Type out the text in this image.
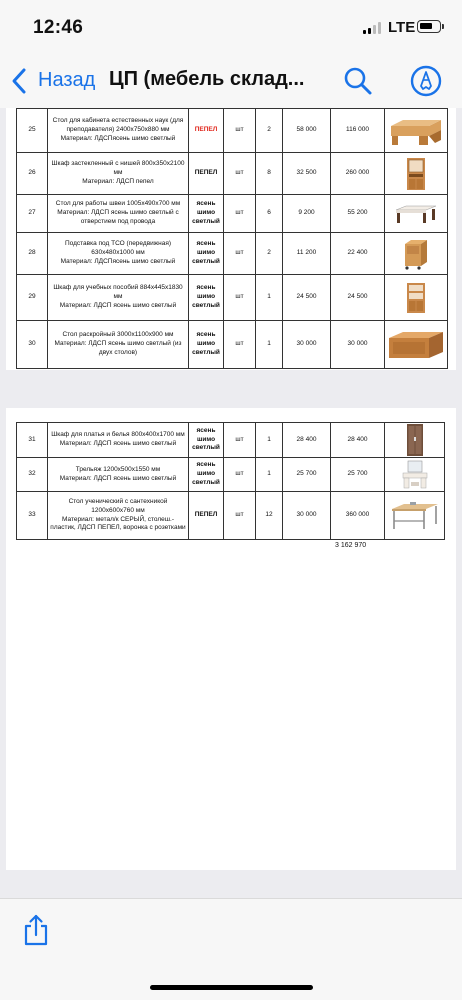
12:46	LTE
Назад ЦП (мебель склад...
25	Стол для кабинета естественных наук (для преподавателя) 2400х750х880 мм
Материал: ЛДСПясень шимо светлый	ПЕПЕЛ	шт	2	58 000	116 000	

26	Шкаф застекленный с нишей 800х350х2100 мм
Материал: ЛДСП пепел	ПЕПЕЛ	шт	8	32 500	260 000	

27	Стол для работы швеи 1005х490х700 мм
Материал: ЛДСП ясень шимо светлый с отверстием под провода	ясень шимо светлый	шт	6	9 200	55 200	

28	Подставка под ТСО (передвижная) 630х480х1000 мм
Материал: ЛДСПясень шимо светлый	ясень шимо светлый	шт	2	11 200	22 400	

29	Шкаф для учебных пособий 884х445х1830 мм
Материал: ЛДСП ясень шимо светлый	ясень шимо светлый	шт	1	24 500	24 500	

30	Стол раскройный 3000х1100х900 мм
Материал: ЛДСП ясень шимо светлый (из двух столов)	ясень шимо светлый	шт	1	30 000	30 000	
31	Шкаф для платья и белья 800х400х1700 мм
Материал: ЛДСП ясень шимо светлый	ясень шимо светлый	шт	1	28 400	28 400	

32	Трельяж 1200х500х1550 мм
Материал: ЛДСП ясень шимо светлый	ясень шимо светлый	шт	1	25 700	25 700	

33	Стол ученический с сантехникой 1200х600х760 мм
Материал: метал/к СЕРЫЙ, столеш.-пластик, ЛДСП ПЕПЕЛ, воронка с розетками	ПЕПЕЛ	шт	12	30 000	360 000	
3 162 970
